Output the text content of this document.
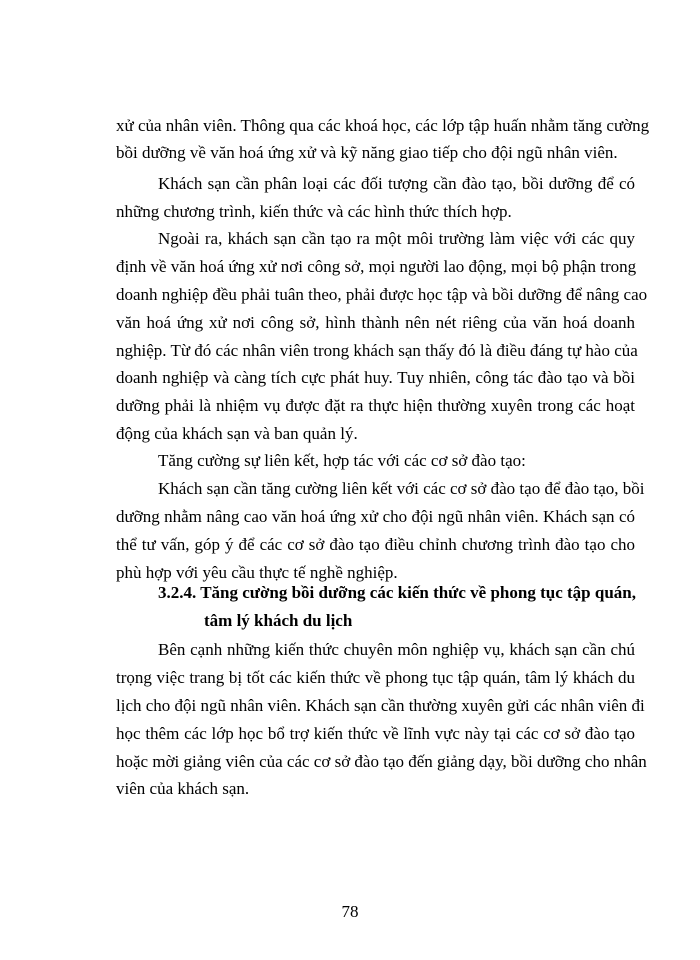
xử của nhân viên. Thông qua các khoá học, các lớp tập huấn nhằm tăng cường
bồi dưỡng về văn hoá ứng xử và kỹ năng giao tiếp cho đội ngũ nhân viên.
Khách sạn cần phân loại các đối tượng cần đào tạo, bồi dưỡng để có
những chương trình, kiến thức và các hình thức thích hợp.
Ngoài ra, khách sạn cần tạo ra một môi trường làm việc với các quy
định về văn hoá ứng xử nơi công sở, mọi người lao động, mọi bộ phận trong
doanh nghiệp đều phải tuân theo, phải được học tập và bồi dưỡng để nâng cao
văn hoá ứng xử nơi công sở, hình thành nên nét riêng của văn hoá doanh
nghiệp. Từ đó các nhân viên trong khách sạn thấy đó là điều đáng tự hào của
doanh nghiệp và càng tích cực phát huy. Tuy nhiên, công tác đào tạo và bồi
dưỡng phải là nhiệm vụ được đặt ra thực hiện thường xuyên trong các hoạt
động của khách sạn và ban quản lý.
Tăng cường sự liên kết, hợp tác với các cơ sở đào tạo:
Khách sạn cần tăng cường liên kết với các cơ sở đào tạo để đào tạo, bồi
dưỡng nhằm nâng cao văn hoá ứng xử cho đội ngũ nhân viên. Khách sạn có
thể tư vấn, góp ý để các cơ sở đào tạo điều chỉnh chương trình đào tạo cho
phù hợp với yêu cầu thực tế nghề nghiệp.
3.2.4. Tăng cường bồi dưỡng các kiến thức về phong tục tập quán,
tâm lý khách du lịch
Bên cạnh những kiến thức chuyên môn nghiệp vụ, khách sạn cần chú
trọng việc trang bị tốt các kiến thức về phong tục tập quán, tâm lý khách du
lịch cho đội ngũ nhân viên. Khách sạn cần thường xuyên gửi các nhân viên đi
học thêm các lớp học bổ trợ kiến thức về lĩnh vực này tại các cơ sở đào tạo
hoặc mời giảng viên của các cơ sở đào tạo đến giảng dạy, bồi dưỡng cho nhân
viên của khách sạn.
78
